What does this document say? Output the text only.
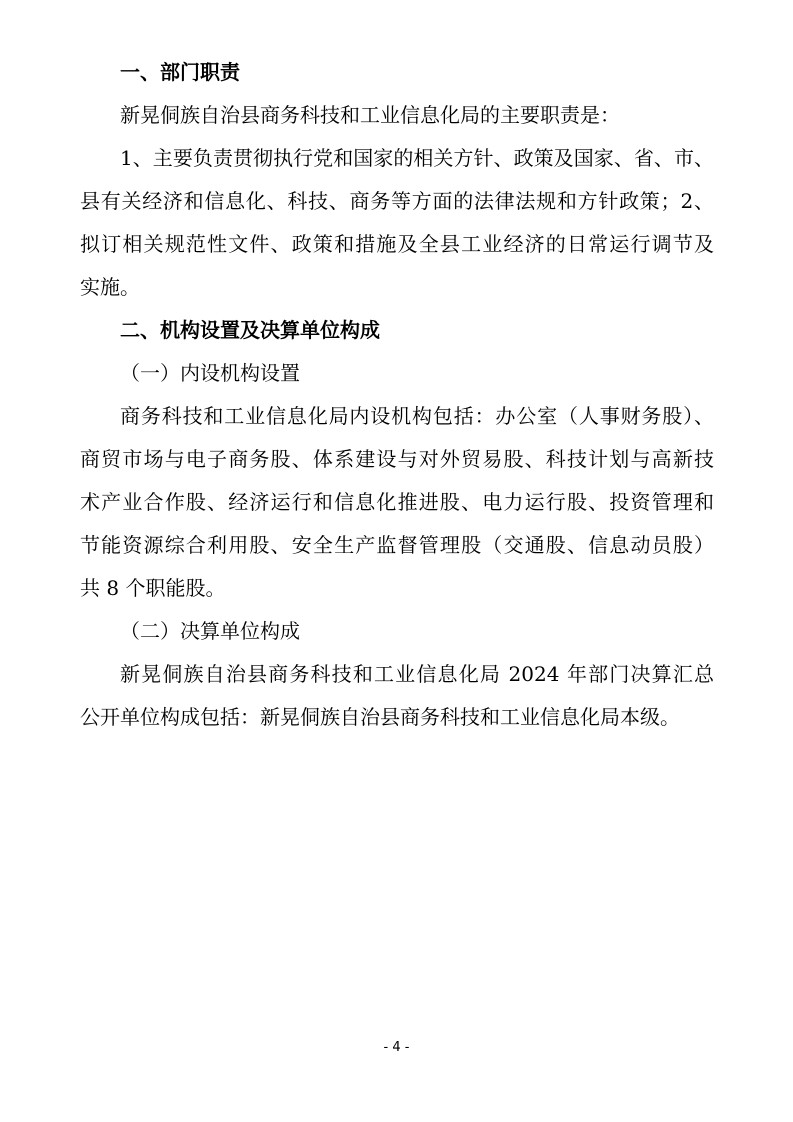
一、部门职责

新晃侗族自治县商务科技和工业信息化局的主要职责是：

1、主要负责贯彻执行党和国家的相关方针、政策及国家、省、市、

县有关经济和信息化、科技、商务等方面的法律法规和方针政策；2、

拟订相关规范性文件、政策和措施及全县工业经济的日常运行调节及

实施。

二、机构设置及决算单位构成

（一）内设机构设置

商务科技和工业信息化局内设机构包括：办公室（人事财务股）、

商贸市场与电子商务股、体系建设与对外贸易股、科技计划与高新技

术产业合作股、经济运行和信息化推进股、电力运行股、投资管理和

节能资源综合利用股、安全生产监督管理股（交通股、信息动员股）

共 8 个职能股。

（二）决算单位构成

新晃侗族自治县商务科技和工业信息化局 2024 年部门决算汇总

公开单位构成包括：新晃侗族自治县商务科技和工业信息化局本级。

- 4 -
